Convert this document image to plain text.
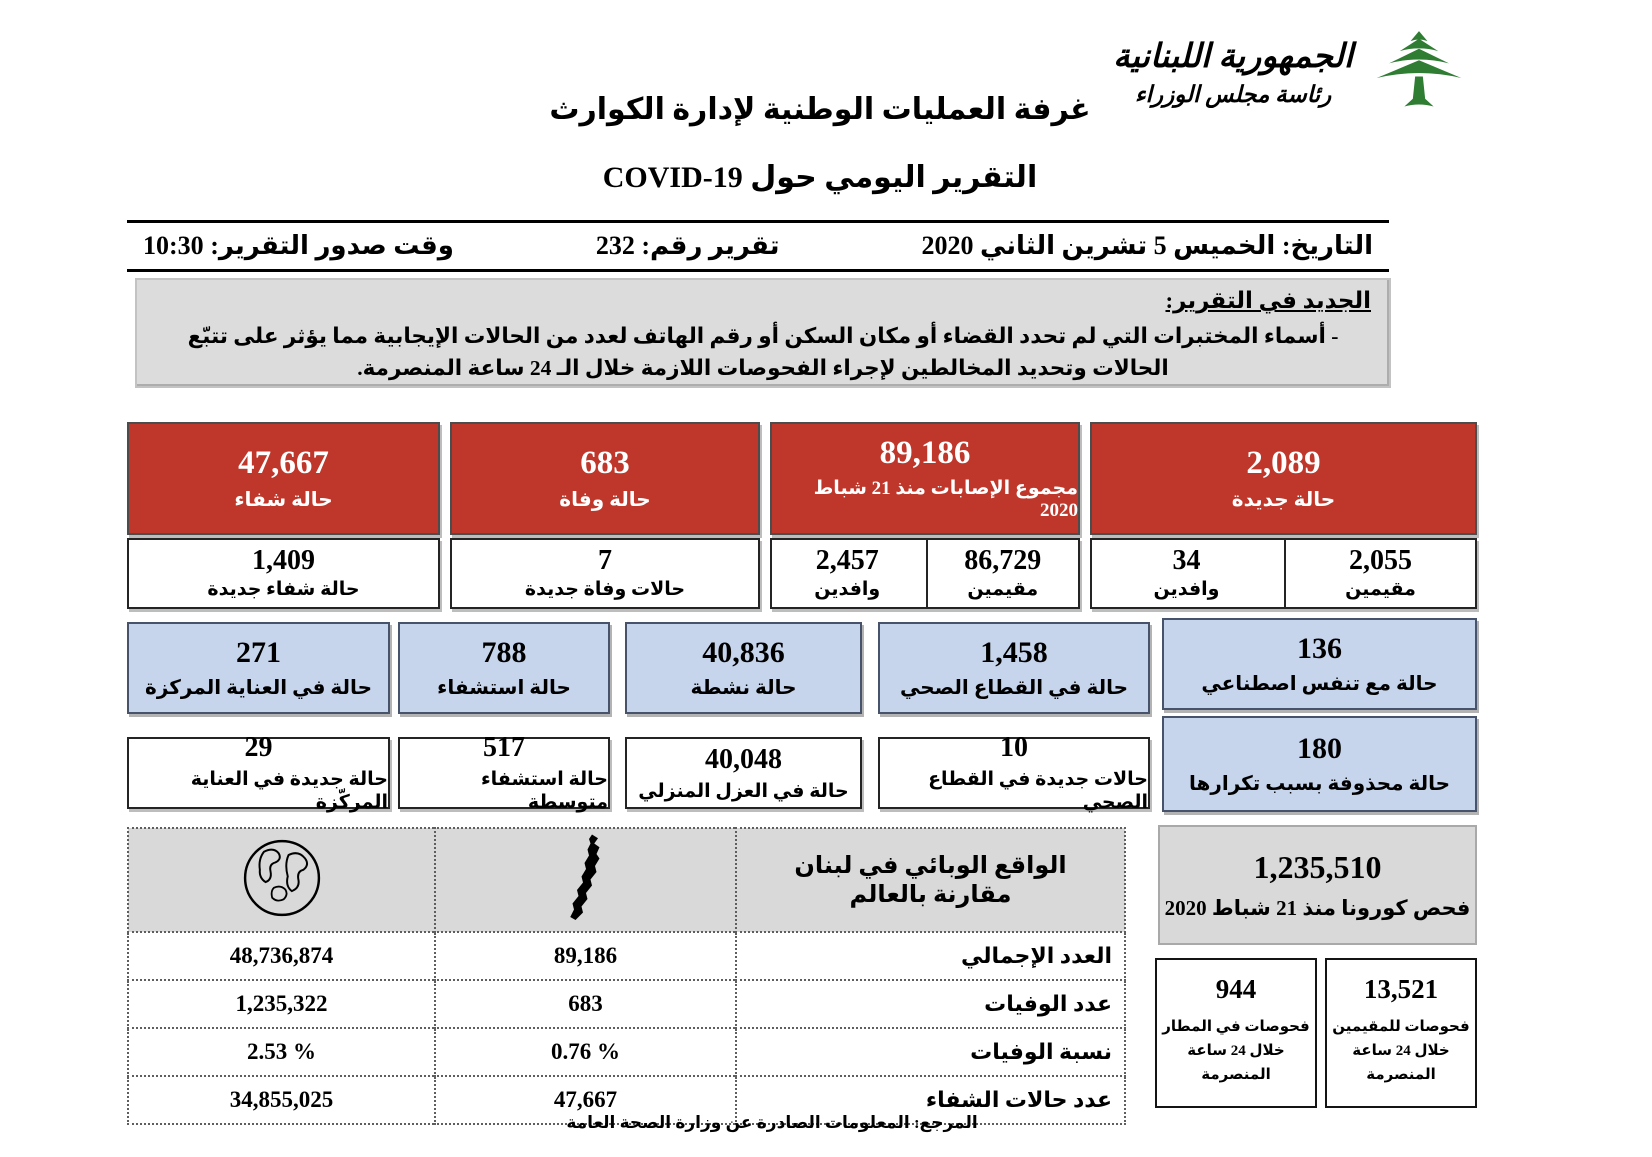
الجمهورية اللبنانية
رئاسة مجلس الوزراء
غرفة العمليات الوطنية لإدارة الكوارث
التقرير اليومي حول COVID-19
التاريخ: الخميس 5 تشرين الثاني 2020
تقرير رقم: 232
وقت صدور التقرير: 10:30
الجديد في التقرير:
- أسماء المختبرات التي لم تحدد القضاء أو مكان السكن أو رقم الهاتف لعدد من الحالات الإيجابية مما يؤثر على تتبّع الحالات وتحديد المخالطين لإجراء الفحوصات اللازمة خلال الـ 24 ساعة المنصرمة.
2,089
حالة جديدة
89,186
مجموع الإصابات منذ 21 شباط 2020
683
حالة وفاة
47,667
حالة شفاء
2,055
مقيمين
34
وافدين
86,729
مقيمين
2,457
وافدين
7
حالات وفاة جديدة
1,409
حالة شفاء جديدة
136
حالة مع تنفس اصطناعي
1,458
حالة في القطاع الصحي
40,836
حالة نشطة
788
حالة استشفاء
271
حالة في العناية المركزة
180
حالة محذوفة بسبب تكرارها
10
حالات جديدة في القطاع الصحي
40,048
حالة في العزل المنزلي
517
حالة استشفاء متوسطة
29
حالة جديدة في العناية المركّزة
الواقع الوبائي في لبنان مقارنة بالعالم		
العدد الإجمالي	89,186	48,736,874
عدد الوفيات	683	1,235,322
نسبة الوفيات	0.76 %	2.53 %
عدد حالات الشفاء	47,667	34,855,025
1,235,510
فحص كورونا منذ 21 شباط 2020
13,521
فحوصات للمقيمين
خلال 24 ساعة
المنصرمة
944
فحوصات في المطار
خلال 24 ساعة
المنصرمة
المرجع: المعلومات الصادرة عن وزارة الصحة العامة
